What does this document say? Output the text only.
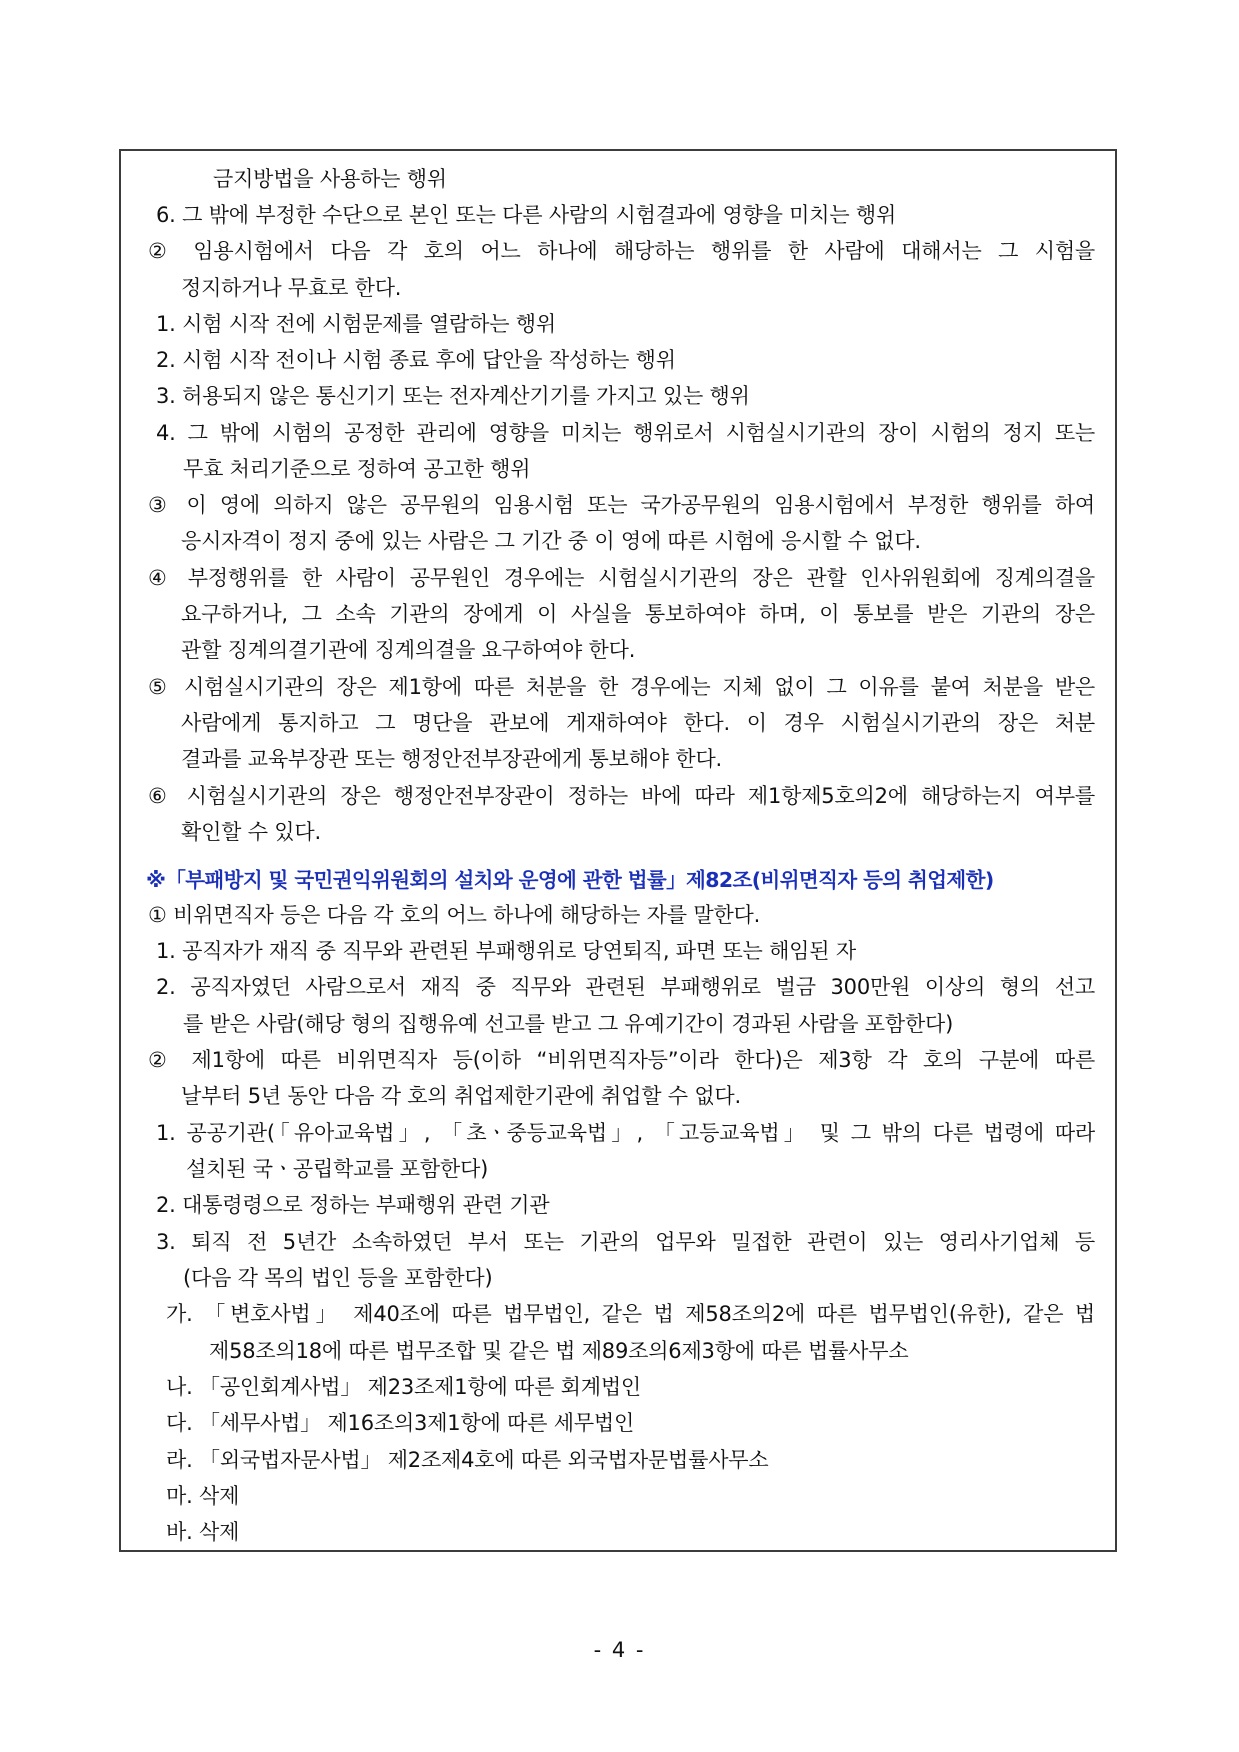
금지방법을 사용하는 행위
6. 그 밖에 부정한 수단으로 본인 또는 다른 사람의 시험결과에 영향을 미치는 행위
② 임용시험에서 다음 각 호의 어느 하나에 해당하는 행위를 한 사람에 대해서는 그 시험을
정지하거나 무효로 한다.
1. 시험 시작 전에 시험문제를 열람하는 행위
2. 시험 시작 전이나 시험 종료 후에 답안을 작성하는 행위
3. 허용되지 않은 통신기기 또는 전자계산기기를 가지고 있는 행위
4. 그 밖에 시험의 공정한 관리에 영향을 미치는 행위로서 시험실시기관의 장이 시험의 정지 또는
무효 처리기준으로 정하여 공고한 행위
③ 이 영에 의하지 않은 공무원의 임용시험 또는 국가공무원의 임용시험에서 부정한 행위를 하여
응시자격이 정지 중에 있는 사람은 그 기간 중 이 영에 따른 시험에 응시할 수 없다.
④ 부정행위를 한 사람이 공무원인 경우에는 시험실시기관의 장은 관할 인사위원회에 징계의결을
요구하거나, 그 소속 기관의 장에게 이 사실을 통보하여야 하며, 이 통보를 받은 기관의 장은
관할 징계의결기관에 징계의결을 요구하여야 한다.
⑤ 시험실시기관의 장은 제1항에 따른 처분을 한 경우에는 지체 없이 그 이유를 붙여 처분을 받은
사람에게 통지하고 그 명단을 관보에 게재하여야 한다. 이 경우 시험실시기관의 장은 처분
결과를 교육부장관 또는 행정안전부장관에게 통보해야 한다.
⑥ 시험실시기관의 장은 행정안전부장관이 정하는 바에 따라 제1항제5호의2에 해당하는지 여부를
확인할 수 있다.
※「부패방지 및 국민권익위원회의 설치와 운영에 관한 법률」제82조(비위면직자 등의 취업제한)
① 비위면직자 등은 다음 각 호의 어느 하나에 해당하는 자를 말한다.
1. 공직자가 재직 중 직무와 관련된 부패행위로 당연퇴직, 파면 또는 해임된 자
2. 공직자였던 사람으로서 재직 중 직무와 관련된 부패행위로 벌금 300만원 이상의 형의 선고
를 받은 사람(해당 형의 집행유예 선고를 받고 그 유예기간이 경과된 사람을 포함한다)
② 제1항에 따른 비위면직자 등(이하 “비위면직자등”이라 한다)은 제3항 각 호의 구분에 따른
날부터 5년 동안 다음 각 호의 취업제한기관에 취업할 수 없다.
1. 공공기관(「유아교육법」, 「초ㆍ중등교육법」, 「고등교육법」 및 그 밖의 다른 법령에 따라
설치된 국ㆍ공립학교를 포함한다)
2. 대통령령으로 정하는 부패행위 관련 기관
3. 퇴직 전 5년간 소속하였던 부서 또는 기관의 업무와 밀접한 관련이 있는 영리사기업체 등
(다음 각 목의 법인 등을 포함한다)
가. 「변호사법」 제40조에 따른 법무법인, 같은 법 제58조의2에 따른 법무법인(유한), 같은 법
제58조의18에 따른 법무조합 및 같은 법 제89조의6제3항에 따른 법률사무소
나. 「공인회계사법」 제23조제1항에 따른 회계법인
다. 「세무사법」 제16조의3제1항에 따른 세무법인
라. 「외국법자문사법」 제2조제4호에 따른 외국법자문법률사무소
마. 삭제
바. 삭제
- 4 -
